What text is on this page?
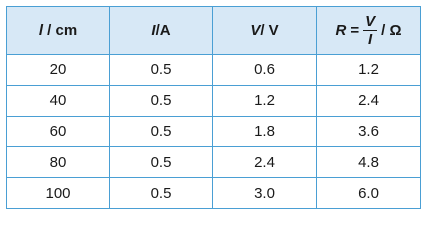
l / cm	I/A	V/ V	$R = \frac{V}{I} / \Omega$

20	0.5	0.6	1.2
40	0.5	1.2	2.4
60	0.5	1.8	3.6
80	0.5	2.4	4.8
100	0.5	3.0	6.0
